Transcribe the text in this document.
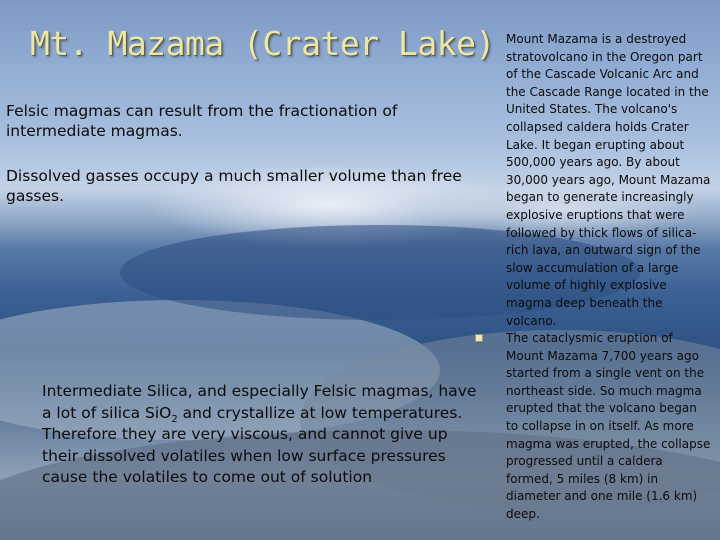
Mt. Mazama (Crater Lake)

Felsic magmas can result from the fractionation of intermediate magmas.

Dissolved gasses occupy a much smaller volume than free gasses.

Intermediate Silica, and especially Felsic magmas, have a lot of silica SiO$_2$ and crystallize at low temperatures. Therefore they are very viscous, and cannot give up their dissolved volatiles when low surface pressures cause the volatiles to come out of solution

Mount Mazama is a destroyed stratovolcano in the Oregon part of the Cascade Volcanic Arc and the Cascade Range located in the United States. The volcano's collapsed caldera holds Crater Lake. It began erupting about 500,000 years ago. By about 30,000 years ago, Mount Mazama began to generate increasingly explosive eruptions that were followed by thick flows of silica-rich lava, an outward sign of the slow accumulation of a large volume of highly explosive magma deep beneath the volcano.

The cataclysmic eruption of Mount Mazama 7,700 years ago started from a single vent on the northeast side. So much magma erupted that the volcano began to collapse in on itself. As more magma was erupted, the collapse progressed until a caldera formed, 5 miles (8 km) in diameter and one mile (1.6 km) deep.
